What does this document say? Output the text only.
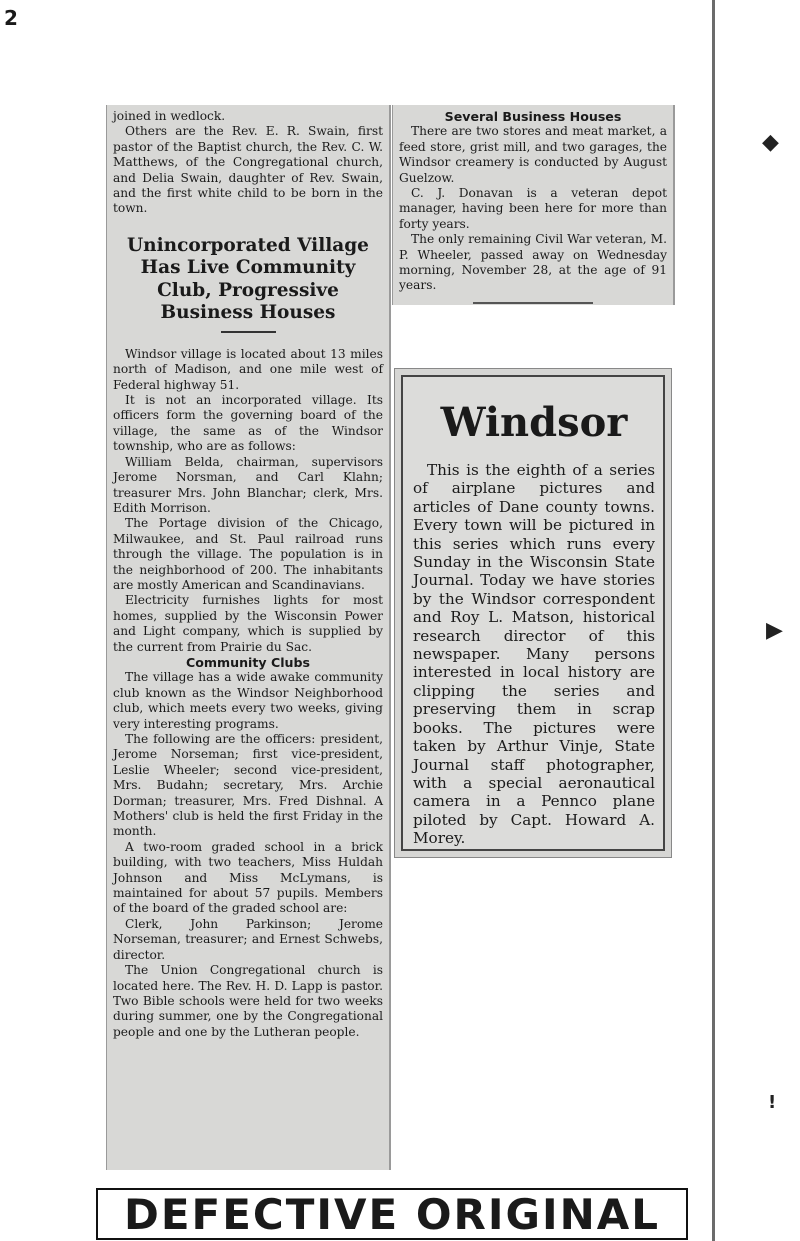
2
◆
▶
!

joined in wedlock.

Others are the Rev. E. R. Swain, first pastor of the Baptist church, the Rev. C. W. Matthews, of the Congregational church, and Delia Swain, daughter of Rev. Swain, and the first white child to be born in the town.

Unincorporated Village Has Live Community Club, Progressive Business Houses

Windsor village is located about 13 miles north of Madison, and one mile west of Federal highway 51.

It is not an incorporated village. Its officers form the governing board of the village, the same as of the Windsor township, who are as follows:

William Belda, chairman, supervisors Jerome Norsman, and Carl Klahn; treasurer Mrs. John Blanchar; clerk, Mrs. Edith Morrison.

The Portage division of the Chicago, Milwaukee, and St. Paul railroad runs through the village. The population is in the neighborhood of 200. The inhabitants are mostly American and Scandinavians.

Electricity furnishes lights for most homes, supplied by the Wisconsin Power and Light company, which is supplied by the current from Prairie du Sac.

Community Clubs

The village has a wide awake community club known as the Windsor Neighborhood club, which meets every two weeks, giving very interesting programs.

The following are the officers: president, Jerome Norseman; first vice-president, Leslie Wheeler; second vice-president, Mrs. Budahn; secretary, Mrs. Archie Dorman; treasurer, Mrs. Fred Dishnal. A Mothers' club is held the first Friday in the month.

A two-room graded school in a brick building, with two teachers, Miss Huldah Johnson and Miss McLymans, is maintained for about 57 pupils. Members of the board of the graded school are:

Clerk, John Parkinson; Jerome Norseman, treasurer; and Ernest Schwebs, director.

The Union Congregational church is located here. The Rev. H. D. Lapp is pastor. Two Bible schools were held for two weeks during summer, one by the Congregational people and one by the Lutheran people.

Several Business Houses

There are two stores and meat market, a feed store, grist mill, and two garages, the Windsor creamery is conducted by August Guelzow.

C. J. Donavan is a veteran depot manager, having been here for more than forty years.

The only remaining Civil War veteran, M. P. Wheeler, passed away on Wednesday morning, November 28, at the age of 91 years.

Windsor

This is the eighth of a series of airplane pictures and articles of Dane county towns. Every town will be pictured in this series which runs every Sunday in the Wisconsin State Journal. Today we have stories by the Windsor correspondent and Roy L. Matson, historical research director of this newspaper. Many persons interested in local history are clipping the series and preserving them in scrap books. The pictures were taken by Arthur Vinje, State Journal staff photographer, with a special aeronautical camera in a Pennco plane piloted by Capt. Howard A. Morey.

DEFECTIVE ORIGINAL
